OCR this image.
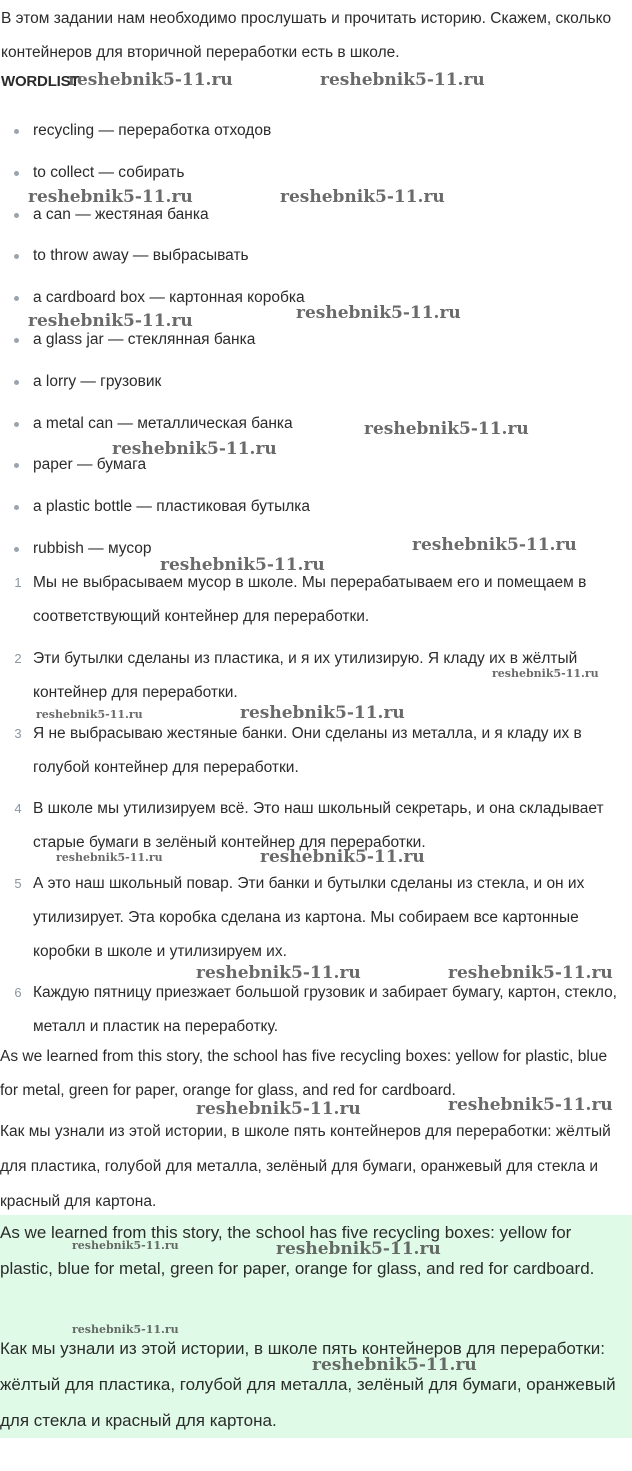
В этом задании нам необходимо прослушать и прочитать историю. Скажем, сколько контейнеров для вторичной переработки есть в школе.

WORDLIST

recycling — переработка отходов
to collect — собирать
a can — жестяная банка
to throw away — выбрасывать
a cardboard box — картонная коробка
a glass jar — стеклянная банка
a lorry — грузовик
a metal can — металлическая банка
paper — бумага
a plastic bottle — пластиковая бутылка
rubbish — мусор
1 Мы не выбрасываем мусор в школе. Мы перерабатываем его и помещаем в соответствующий контейнер для переработки.
2 Эти бутылки сделаны из пластика, и я их утилизирую. Я кладу их в жёлтый контейнер для переработки.
3 Я не выбрасываю жестяные банки. Они сделаны из металла, и я кладу их в голубой контейнер для переработки.
4 В школе мы утилизируем всё. Это наш школьный секретарь, и она складывает старые бумаги в зелёный контейнер для переработки.
5 А это наш школьный повар. Эти банки и бутылки сделаны из стекла, и он их утилизирует. Эта коробка сделана из картона. Мы собираем все картонные коробки в школе и утилизируем их.
6 Каждую пятницу приезжает большой грузовик и забирает бумагу, картон, стекло, металл и пластик на переработку.

As we learned from this story, the school has five recycling boxes: yellow for plastic, blue for metal, green for paper, orange for glass, and red for cardboard.

Как мы узнали из этой истории, в школе пять контейнеров для переработки: жёлтый для пластика, голубой для металла, зелёный для бумаги, оранжевый для стекла и красный для картона.

As we learned from this story, the school has five recycling boxes: yellow for plastic, blue for metal, green for paper, orange for glass, and red for cardboard.

Как мы узнали из этой истории, в школе пять контейнеров для переработки: жёлтый для пластика, голубой для металла, зелёный для бумаги, оранжевый для стекла и красный для картона.

reshebnik5-11.ru	reshebnik5-11.ru
reshebnik5-11.ru	reshebnik5-11.ru
reshebnik5-11.ru	reshebnik5-11.ru
reshebnik5-11.ru
reshebnik5-11.ru
reshebnik5-11.ru
reshebnik5-11.ru
reshebnik5-11.ru
reshebnik5-11.ru	reshebnik5-11.ru
reshebnik5-11.ru	reshebnik5-11.ru
reshebnik5-11.ru	reshebnik5-11.ru
reshebnik5-11.ru	reshebnik5-11.ru
reshebnik5-11.ru	reshebnik5-11.ru
reshebnik5-11.ru
reshebnik5-11.ru
